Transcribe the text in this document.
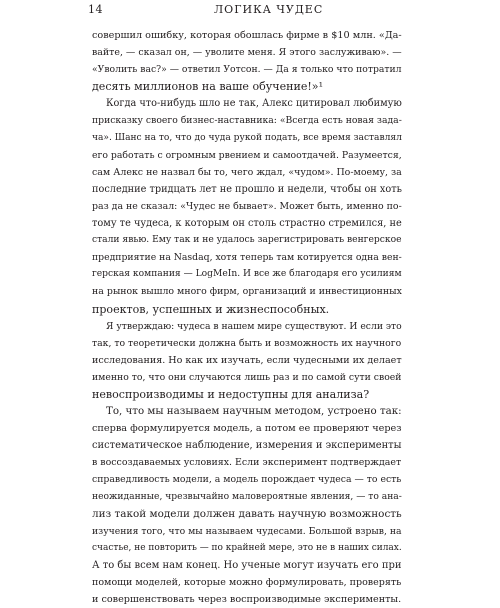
14	ЛОГИКА ЧУДЕС
совершил ошибку, которая обошлась фирме в $10 млн. «Да-
вайте, — сказал он, — уволите меня. Я этого заслуживаю». —
«Уволить вас?» — ответил Уотсон. — Да я только что потратил
десять миллионов на ваше обучение!»¹
Когда что-нибудь шло не так, Алекс цитировал любимую
присказку своего бизнес-наставника: «Всегда есть новая зада-
ча». Шанс на то, что до чуда рукой подать, все время заставлял
его работать с огромным рвением и самоотдачей. Разумеется,
сам Алекс не назвал бы то, чего ждал, «чудом». По-моему, за
последние тридцать лет не прошло и недели, чтобы он хоть
раз да не сказал: «Чудес не бывает». Может быть, именно по-
тому те чудеса, к которым он столь страстно стремился, не
стали явью. Ему так и не удалось зарегистрировать венгерское
предприятие на Nasdaq, хотя теперь там котируется одна вен-
герская компания — LogMeIn. И все же благодаря его усилиям
на рынок вышло много фирм, организаций и инвестиционных
проектов, успешных и жизнеспособных.
Я утверждаю: чудеса в нашем мире существуют. И если это
так, то теоретически должна быть и возможность их научного
исследования. Но как их изучать, если чудесными их делает
именно то, что они случаются лишь раз и по самой сути своей
невоспроизводимы и недоступны для анализа?
То, что мы называем научным методом, устроено так:
сперва формулируется модель, а потом ее проверяют через
систематическое наблюдение, измерения и эксперименты
в воссоздаваемых условиях. Если эксперимент подтверждает
справедливость модели, а модель порождает чудеса — то есть
неожиданные, чрезвычайно маловероятные явления, — то ана-
лиз такой модели должен давать научную возможность
изучения того, что мы называем чудесами. Большой взрыв, на
счастье, не повторить — по крайней мере, это не в наших силах.
А то бы всем нам конец. Но ученые могут изучать его при
помощи моделей, которые можно формулировать, проверять
и совершенствовать через воспроизводимые эксперименты.
